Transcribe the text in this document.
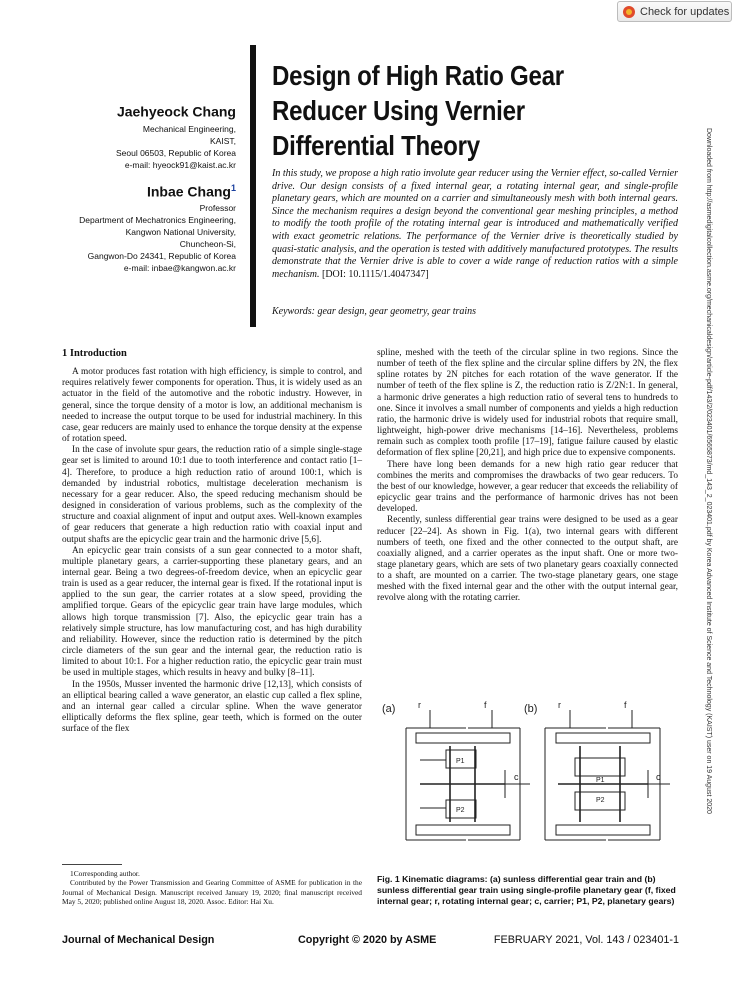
Check for updates
Jaehyeock Chang
Mechanical Engineering,
KAIST,
Seoul 06503, Republic of Korea
e-mail: hyeock91@kaist.ac.kr
Inbae Chang$^1$
Professor
Department of Mechatronics Engineering,
Kangwon National University,
Chuncheon-Si,
Gangwon-Do 24341, Republic of Korea
e-mail: inbae@kangwon.ac.kr
Design of High Ratio Gear Reducer Using Vernier Differential Theory

In this study, we propose a high ratio involute gear reducer using the Vernier effect, so-called Vernier drive. Our design consists of a fixed internal gear, a rotating internal gear, and single-profile planetary gears, which are mounted on a carrier and simultaneously mesh with both internal gears. Since the mechanism requires a design beyond the conventional gear meshing principles, a method to modify the tooth profile of the rotating internal gear is introduced and mathematically verified with exact geometric relations. The performance of the Vernier drive is theoretically studied by quasi-static analysis, and the operation is tested with additively manufactured prototypes. The results demonstrate that the Vernier drive is able to cover a wide range of reduction ratios with a simple mechanism. [DOI: 10.1115/1.4047347]

Keywords: gear design, gear geometry, gear trains	Downloaded from http://asmedigitalcollection.asme.org/mechanicaldesign/article-pdf/143/2/023401/6565873/md_143_2_023401.pdf by Korea Advanced Institute of Science and Technology (KAIST) user on 19 August 2020

1 Introduction

A motor produces fast rotation with high efficiency, is simple to control, and requires relatively fewer components for operation. Thus, it is widely used as an actuator in the field of the automotive and the robotic industry. However, in general, since the torque density of a motor is low, an additional mechanism is needed to increase the output torque to be used for industrial machinery. In this case, gear reducers are mainly used to enhance the torque density at the expense of rotation speed.

In the case of involute spur gears, the reduction ratio of a simple single-stage gear set is limited to around 10:1 due to tooth interference and contact ratio [1–4]. Therefore, to produce a high reduction ratio of around 100:1, which is demanded by industrial robotics, multistage deceleration mechanism is necessary for a gear reducer. Also, the speed reducing mechanism should be designed in consideration of various problems, such as the complexity of the structure and coaxial alignment of input and output axes. Well-known examples of gear reducers that generate a high reduction ratio with coaxial input and output shafts are the epicyclic gear train and the harmonic drive [5,6].

An epicyclic gear train consists of a sun gear connected to a motor shaft, multiple planetary gears, a carrier-supporting these planetary gears, and an internal gear. Being a two degrees-of-freedom device, when an epicyclic gear train is used as a gear reducer, the internal gear is fixed. If the rotational input is applied to the sun gear, the carrier rotates at a slow speed, providing the amplified torque. Gears of the epicyclic gear train have large modules, which allows high torque transmission [7]. Also, the epicyclic gear train has a relatively simple structure, has low manufacturing cost, and has high durability and reliability. However, since the reduction ratio is determined by the pitch circle diameters of the sun gear and the internal gear, the reduction ratio is limited to about 10:1. For a higher reduction ratio, the epicyclic gear train must be used in multiple stages, which results in heavy and bulky [8–11].

In the 1950s, Musser invented the harmonic drive [12,13], which consists of an elliptical bearing called a wave generator, an elastic cup called a flex spline, and an internal gear called a circular spline. When the wave generator elliptically deforms the flex spline, gear teeth, which is formed on the outer surface of the flex

spline, meshed with the teeth of the circular spline in two regions. Since the number of teeth of the flex spline and the circular spline differs by 2N, the flex spline rotates by 2N pitches for each rotation of the wave generator. If the number of teeth of the flex spline is Z, the reduction ratio is Z/2N:1. In general, a harmonic drive generates a high reduction ratio of several tens to hundreds to one. Since it involves a small number of components and yields a high reduction ratio, the harmonic drive is widely used for industrial robots that require small, lightweight, high-power drive mechanisms [14–16]. Nevertheless, problems remain such as complex tooth profile [17–19], fatigue failure caused by elastic deformation of flex spline [20,21], and high price due to expensive components.

There have long been demands for a new high ratio gear reducer that combines the merits and compromises the drawbacks of two gear reducers. To the best of our knowledge, however, a gear reducer that exceeds the reliability of epicyclic gear trains and the performance of harmonic drives has not been developed.

Recently, sunless differential gear trains were designed to be used as a gear reducer [22–24]. As shown in Fig. 1(a), two internal gears with different numbers of teeth, one fixed and the other connected to the output shaft, are coaxially aligned, and a carrier operates as the input shaft. One or more two-stage planetary gears, which are sets of two planetary gears coaxially connected to a shaft, are mounted on a carrier. The two-stage planetary gears, one stage meshed with the fixed internal gear and the other with the output internal gear, revolve along with the rotating carrier.

(a)	(b)
r	f	r	f
c	c
P1
P2
P1
P2
Fig. 1 Kinematic diagrams: (a) sunless differential gear train and (b) sunless differential gear train using single-profile planetary gear (f, fixed internal gear; r, rotating internal gear; c, carrier; P1, P2, planetary gears)

1Corresponding author.

Contributed by the Power Transmission and Gearing Committee of ASME for publication in the Journal of Mechanical Design. Manuscript received January 19, 2020; final manuscript received May 5, 2020; published online August 18, 2020. Assoc. Editor: Hai Xu.

Journal of Mechanical Design	Copyright © 2020 by ASME	FEBRUARY 2021, Vol. 143 / 023401-1
